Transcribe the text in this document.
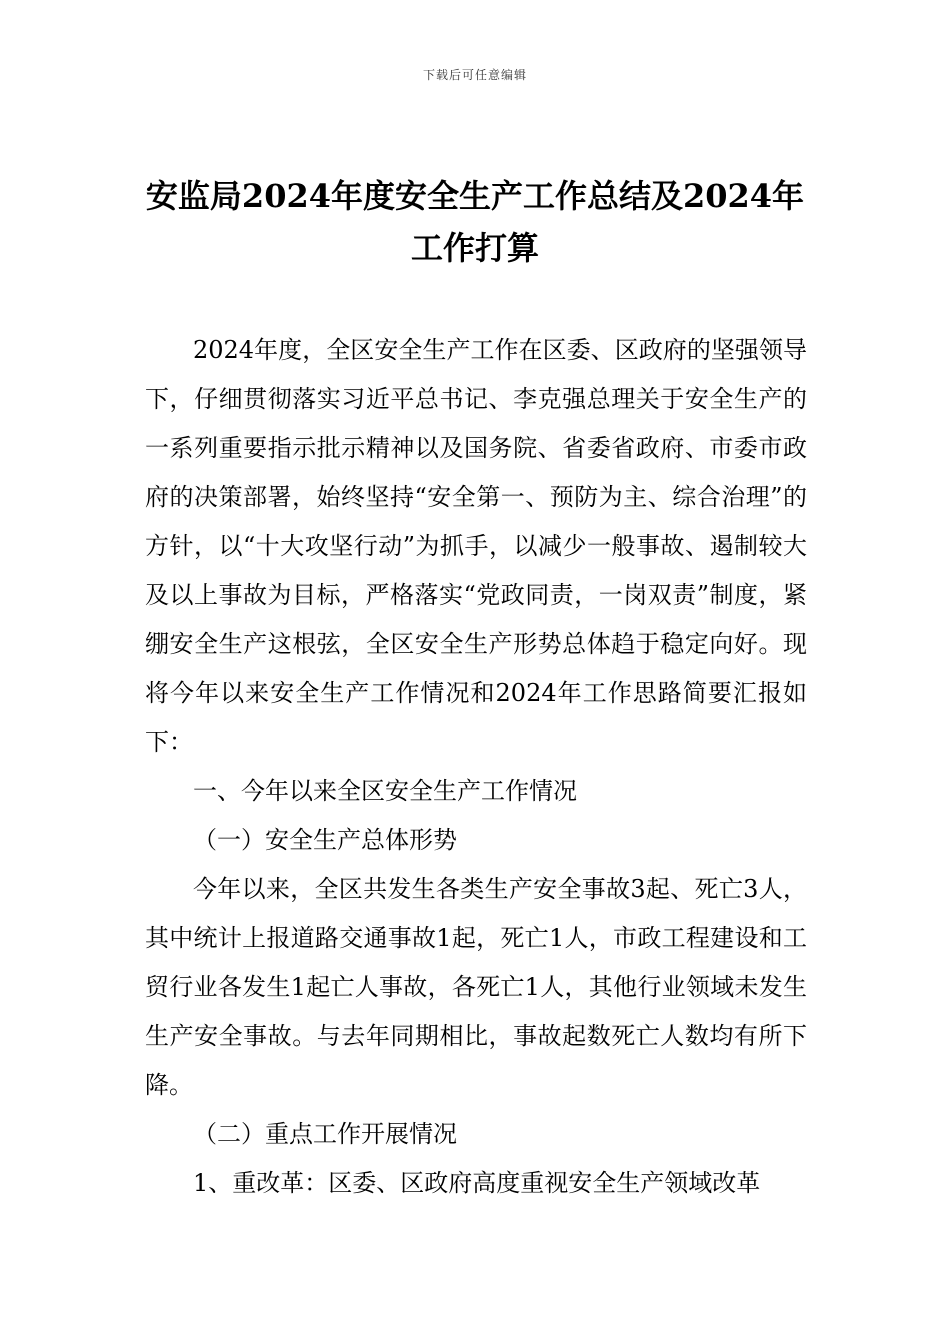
下载后可任意编辑
安监局2024年度安全生产工作总结及2024年工作打算

2024年度，全区安全生产工作在区委、区政府的坚强领导下，仔细贯彻落实习近平总书记、李克强总理关于安全生产的一系列重要指示批示精神以及国务院、省委省政府、市委市政府的决策部署，始终坚持“安全第一、预防为主、综合治理”的方针，以“十大攻坚行动”为抓手，以减少一般事故、遏制较大及以上事故为目标，严格落实“党政同责，一岗双责”制度，紧绷安全生产这根弦，全区安全生产形势总体趋于稳定向好。现将今年以来安全生产工作情况和2024年工作思路简要汇报如下：

一、今年以来全区安全生产工作情况

（一）安全生产总体形势

今年以来，全区共发生各类生产安全事故3起、死亡3人，其中统计上报道路交通事故1起，死亡1人，市政工程建设和工贸行业各发生1起亡人事故，各死亡1人，其他行业领域未发生生产安全事故。与去年同期相比，事故起数死亡人数均有所下降。

（二）重点工作开展情况

1、重改革：区委、区政府高度重视安全生产领域改革
